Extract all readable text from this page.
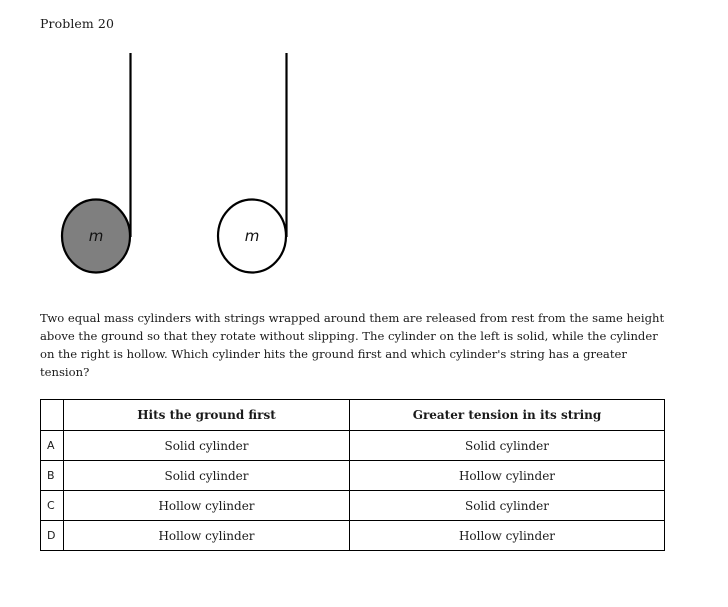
Problem 20
m	m

Two equal mass cylinders with strings wrapped around them are released from rest from the same height above the ground so that they rotate without slipping. The cylinder on the left is solid, while the cylinder on the right is hollow. Which cylinder hits the ground first and which cylinder's string has a greater tension?

	Hits the ground first	Greater tension in its string
A	Solid cylinder	Solid cylinder
B	Solid cylinder	Hollow cylinder
C	Hollow cylinder	Solid cylinder
D	Hollow cylinder	Hollow cylinder
